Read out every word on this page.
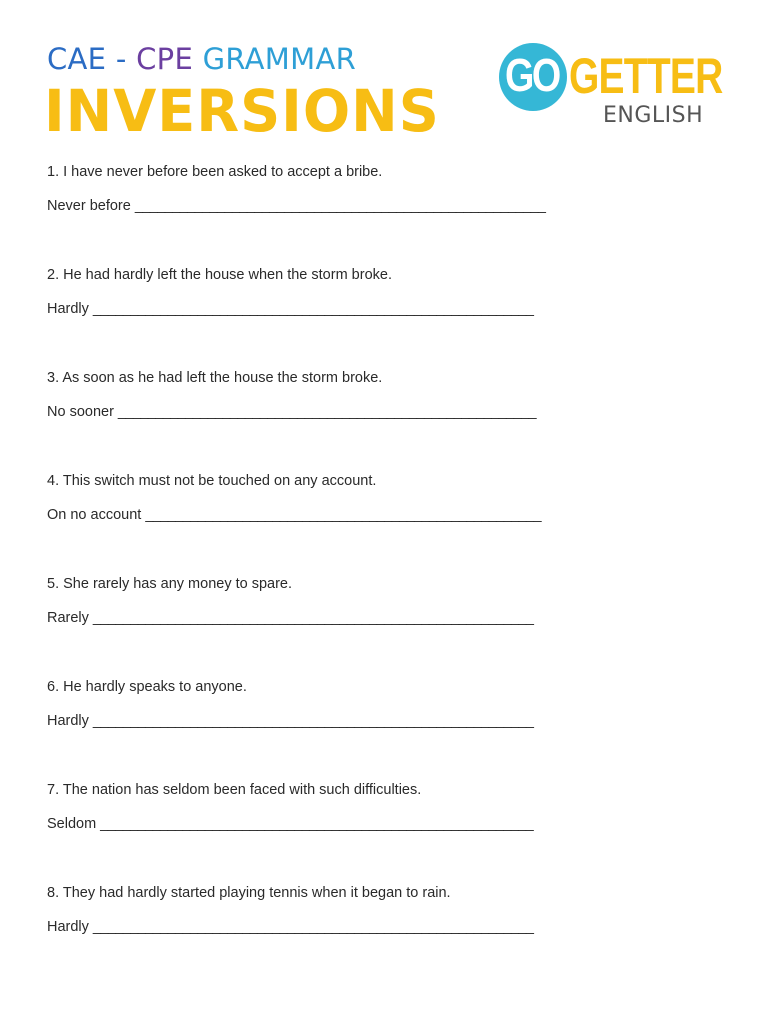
CAE - CPE GRAMMAR
INVERSIONS
GO GETTER
ENGLISH

1. I have never before been asked to accept a bribe.

Never before _______________________________________________________

2. He had hardly left the house when the storm broke.

Hardly ___________________________________________________________

3. As soon as he had left the house the storm broke.

No sooner ________________________________________________________

4. This switch must not be touched on any account.

On no account _____________________________________________________

5. She rarely has any money to spare.

Rarely ___________________________________________________________

6. He hardly speaks to anyone.

Hardly ___________________________________________________________

7. The nation has seldom been faced with such difficulties.

Seldom __________________________________________________________

8. They had hardly started playing tennis when it began to rain.

Hardly ___________________________________________________________
